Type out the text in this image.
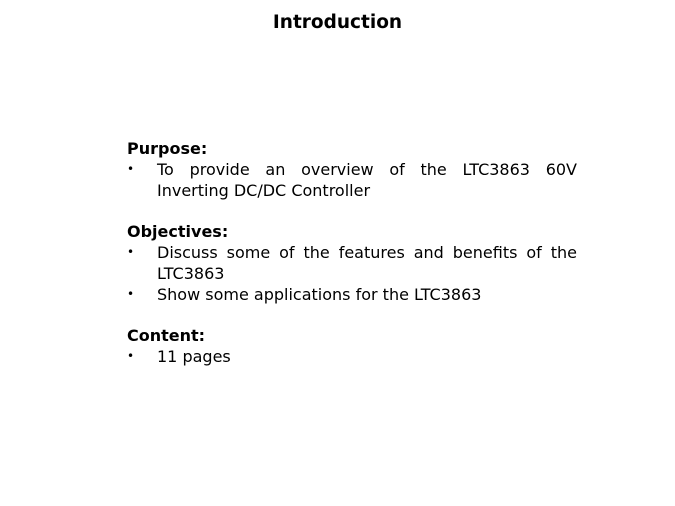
Introduction
Purpose:
•	To provide an overview of the LTC3863 60V Inverting DC/DC Controller
Objectives:
•	Discuss some of the features and benefits of the LTC3863
•	Show some applications for the LTC3863
Content:
•	11 pages
